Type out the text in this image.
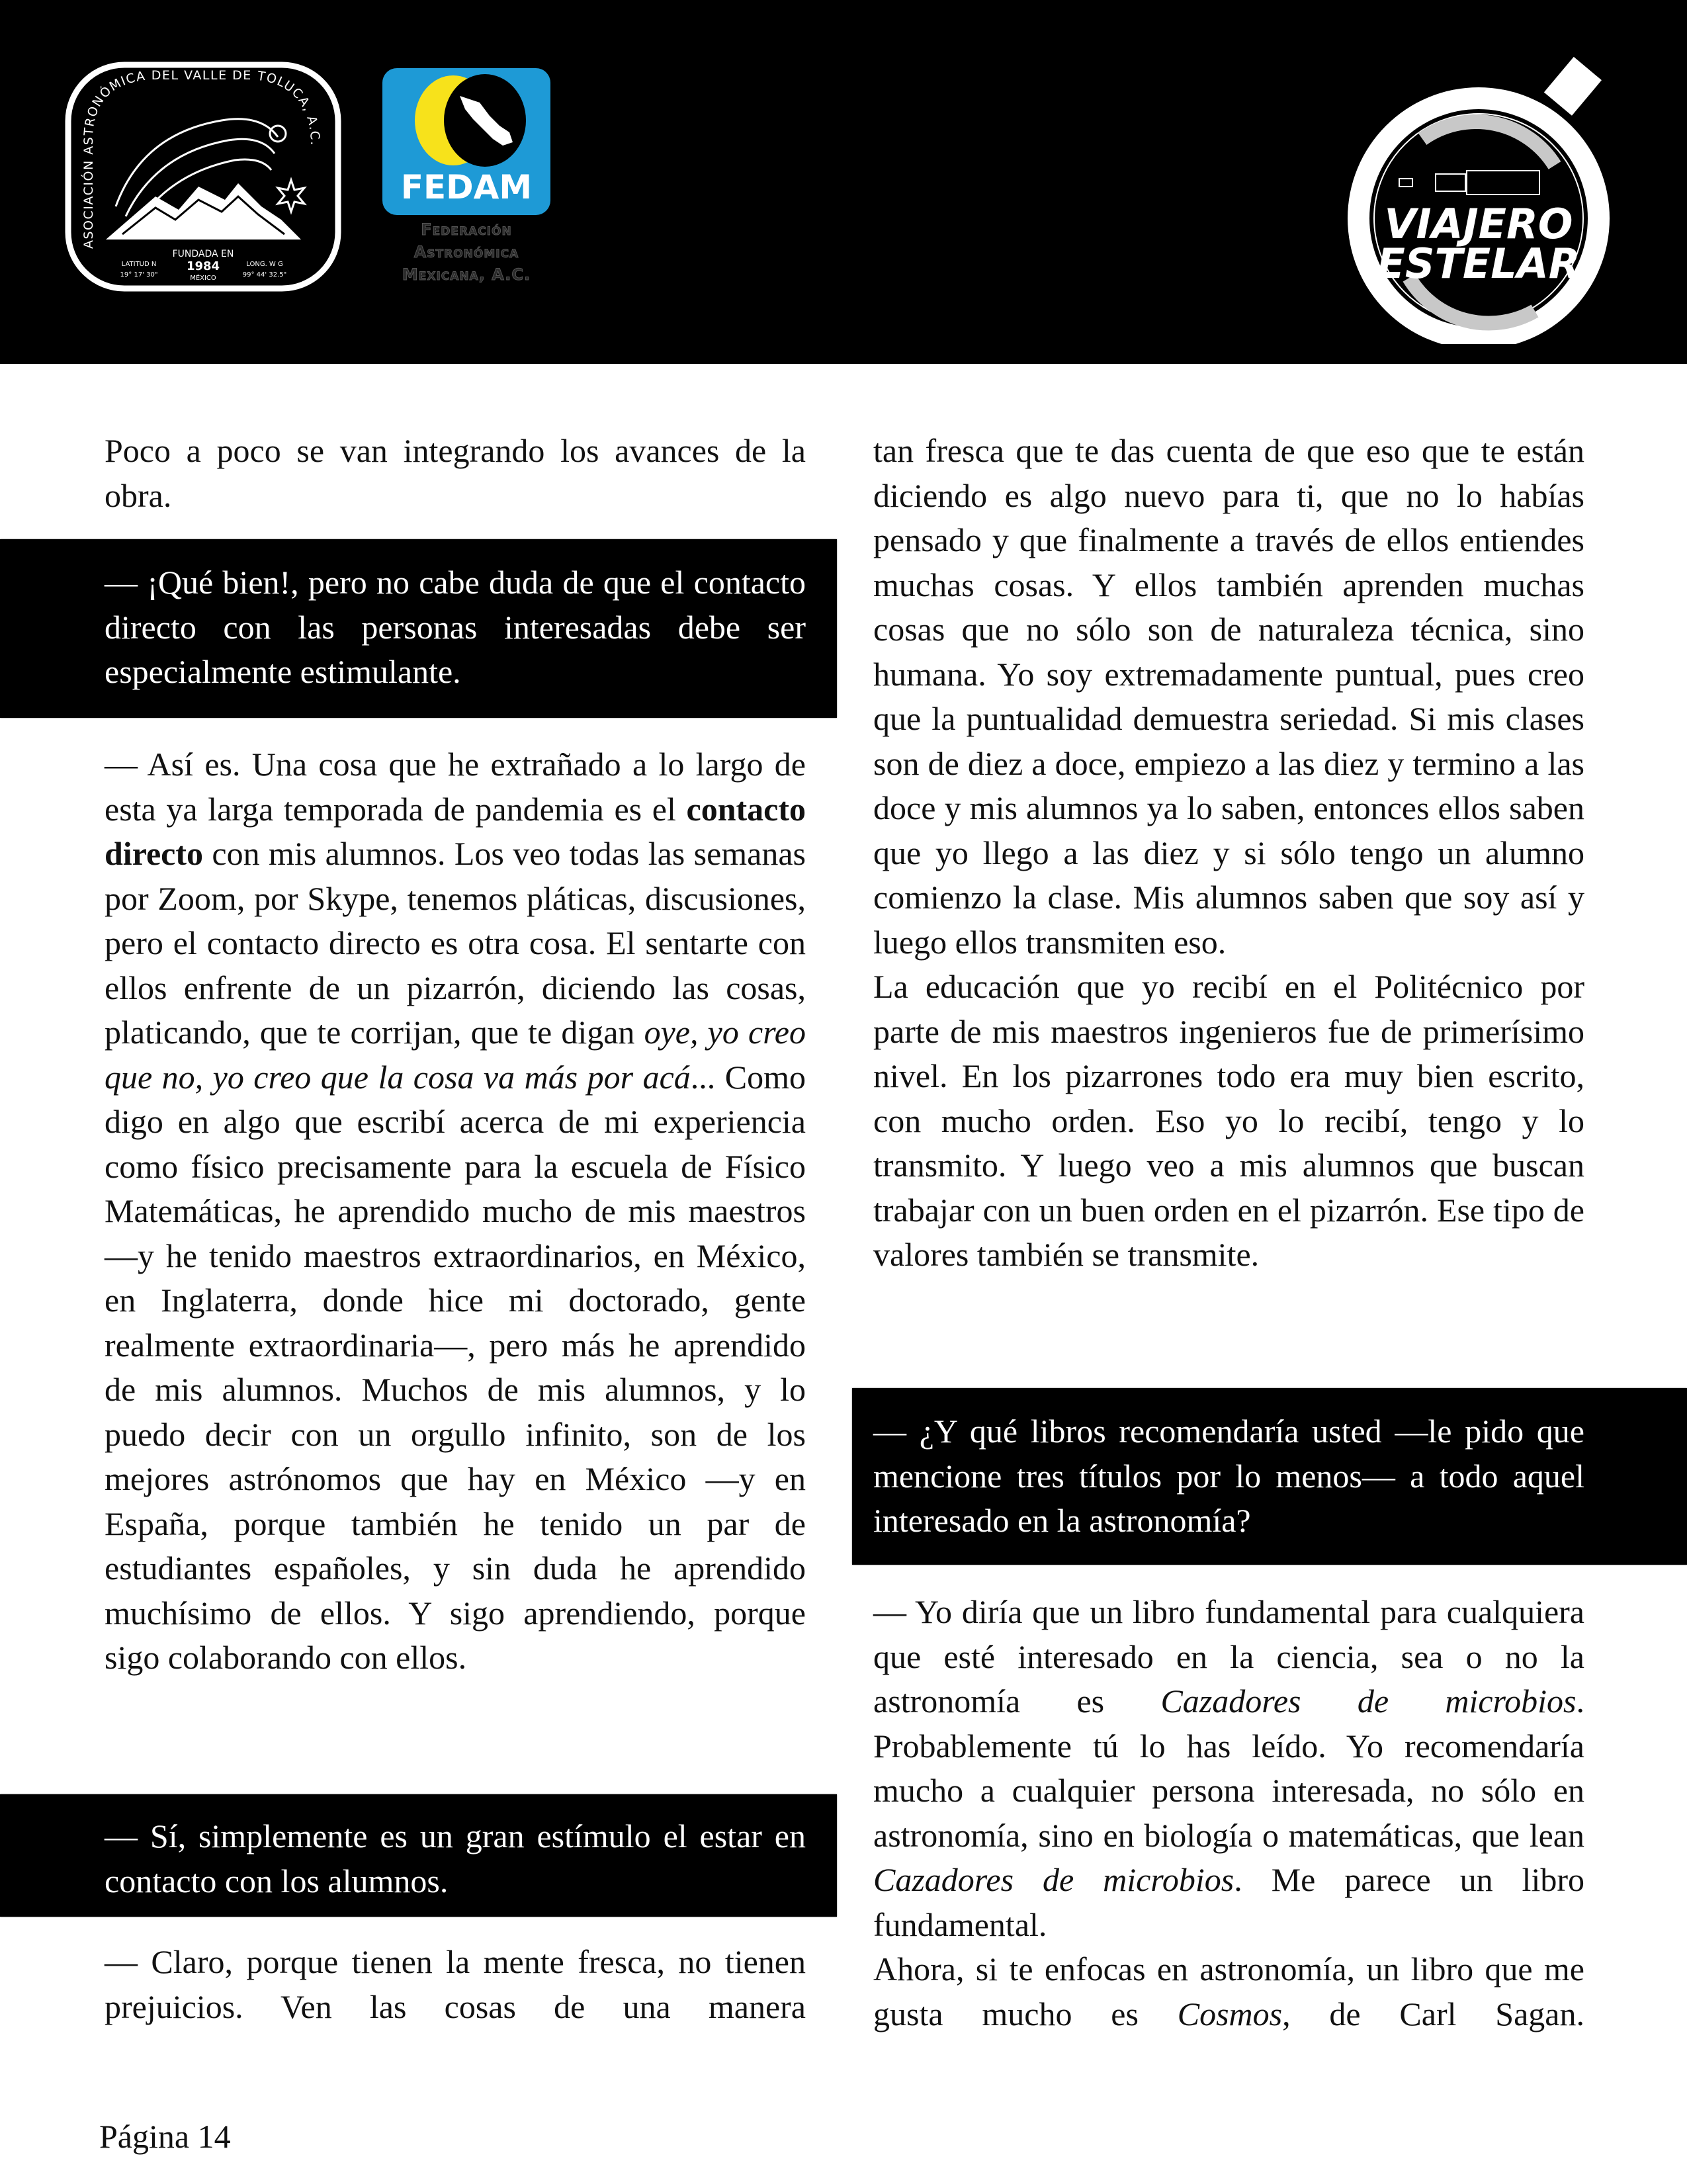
ASOCIACIÓN ASTRONÓMICA DEL VALLE DE TOLUCA, A.C.
FUNDADA EN
1984
MÉXICO
LATITUD N
19° 17' 30"
LONG. W G
99° 44' 32.5"
FEDAM
Federación
Astronómica
Mexicana, A.C.
VIAJERO
ESTELAR

Poco a poco se van integrando los avances de la obra.

— ¡Qué bien!, pero no cabe duda de que el contacto directo con las personas interesadas debe ser especialmente estimulante.

— Así es. Una cosa que he extrañado a lo largo de esta ya larga temporada de pandemia es el contacto directo con mis alumnos. Los veo todas las semanas por Zoom, por Skype, tenemos pláticas, discusiones, pero el contacto directo es otra cosa. El sentarte con ellos enfrente de un pizarrón, diciendo las cosas, platicando, que te corrijan, que te digan oye, yo creo que no, yo creo que la cosa va más por acá... Como digo en algo que escribí acerca de mi experiencia como físico precisamente para la escuela de Físico Matemáticas, he aprendido mucho de mis maestros —y he tenido maestros extraordinarios, en México, en Inglaterra, donde hice mi doctorado, gente realmente extraordinaria—, pero más he aprendido de mis alumnos. Muchos de mis alumnos, y lo puedo decir con un orgullo infinito, son de los mejores astrónomos que hay en México —y en España, porque también he tenido un par de estudiantes españoles, y sin duda he aprendido muchísimo de ellos. Y sigo aprendiendo, porque sigo colaborando con ellos.

— Sí, simplemente es un gran estímulo el estar en contacto con los alumnos.

— Claro, porque tienen la mente fresca, no tienen prejuicios. Ven las cosas de una manera

tan fresca que te das cuenta de que eso que te están diciendo es algo nuevo para ti, que no lo habías pensado y que finalmente a través de ellos entiendes muchas cosas. Y ellos también aprenden muchas cosas que no sólo son de naturaleza técnica, sino humana. Yo soy extremadamente puntual, pues creo que la puntualidad demuestra seriedad. Si mis clases son de diez a doce, empiezo a las diez y termino a las doce y mis alumnos ya lo saben, entonces ellos saben que yo llego a las diez y si sólo tengo un alumno comienzo la clase. Mis alumnos saben que soy así y luego ellos transmiten eso.

La educación que yo recibí en el Politécnico por parte de mis maestros ingenieros fue de primerísimo nivel. En los pizarrones todo era muy bien escrito, con mucho orden. Eso yo lo recibí, tengo y lo transmito. Y luego veo a mis alumnos que buscan trabajar con un buen orden en el pizarrón. Ese tipo de valores también se transmite.

— ¿Y qué libros recomendaría usted —le pido que mencione tres títulos por lo menos— a todo aquel interesado en la astronomía?

— Yo diría que un libro fundamental para cualquiera que esté interesado en la ciencia, sea o no la astronomía es Cazadores de microbios. Probablemente tú lo has leído. Yo recomendaría mucho a cualquier persona interesada, no sólo en astronomía, sino en biología o matemáticas, que lean Cazadores de microbios. Me parece un libro fundamental.

Ahora, si te enfocas en astronomía, un libro que me gusta mucho es Cosmos, de Carl Sagan.

Página 14
